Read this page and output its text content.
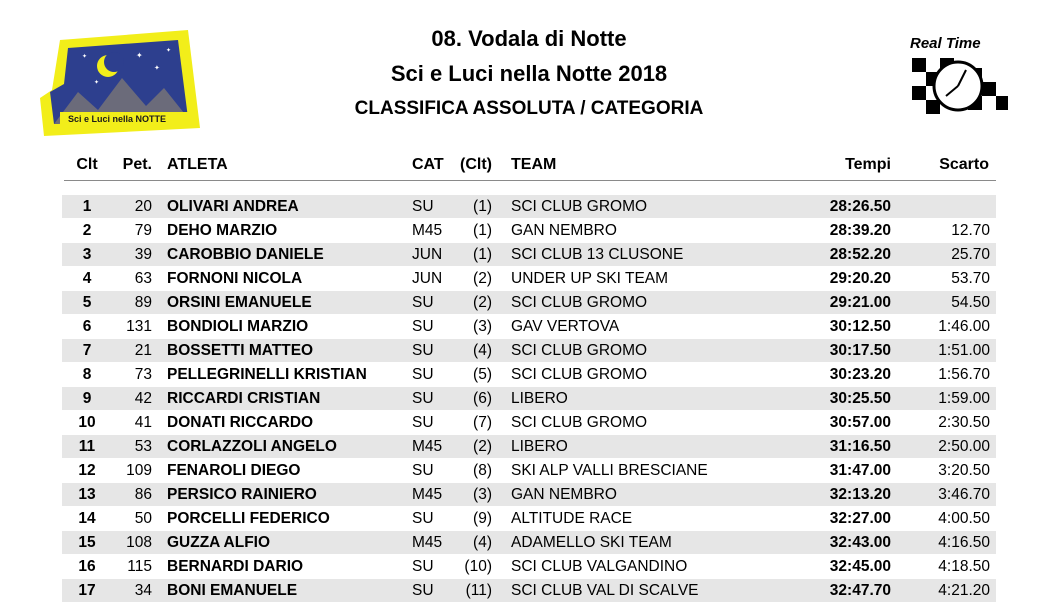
✦
✦
✦
✦
✦
Sci e Luci nella NOTTE
08. Vodala di Notte
Sci e Luci nella Notte 2018
CLASSIFICA ASSOLUTA / CATEGORIA
Real Time
Clt	Pet. ATLETA	CAT (Clt) TEAM	Tempi	Scarto
1	20 OLIVARI ANDREA	SU	(1) SCI CLUB GROMO	28:26.50
2	79 DEHO MARZIO	M45	(1) GAN NEMBRO	28:39.20	12.70
3	39 CAROBBIO DANIELE	JUN	(1) SCI CLUB 13 CLUSONE	28:52.20	25.70
4	63 FORNONI NICOLA	JUN	(2) UNDER UP SKI TEAM	29:20.20	53.70
5	89 ORSINI EMANUELE	SU	(2) SCI CLUB GROMO	29:21.00	54.50
6	131 BONDIOLI MARZIO	SU	(3) GAV VERTOVA	30:12.50	1:46.00
7	21 BOSSETTI MATTEO	SU	(4) SCI CLUB GROMO	30:17.50	1:51.00
8	73 PELLEGRINELLI KRISTIAN	SU	(5) SCI CLUB GROMO	30:23.20	1:56.70
9	42 RICCARDI CRISTIAN	SU	(6) LIBERO	30:25.50	1:59.00
10	41 DONATI RICCARDO	SU	(7) SCI CLUB GROMO	30:57.00	2:30.50
11	53 CORLAZZOLI ANGELO	M45	(2) LIBERO	31:16.50	2:50.00
12	109 FENAROLI DIEGO	SU	(8) SKI ALP VALLI BRESCIANE	31:47.00	3:20.50
13	86 PERSICO RAINIERO	M45	(3) GAN NEMBRO	32:13.20	3:46.70
14	50 PORCELLI FEDERICO	SU	(9) ALTITUDE RACE	32:27.00	4:00.50
15	108 GUZZA ALFIO	M45	(4) ADAMELLO SKI TEAM	32:43.00	4:16.50
16	115 BERNARDI DARIO	SU	(10) SCI CLUB VALGANDINO	32:45.00	4:18.50
17	34 BONI EMANUELE	SU	(11) SCI CLUB VAL DI SCALVE	32:47.70	4:21.20
